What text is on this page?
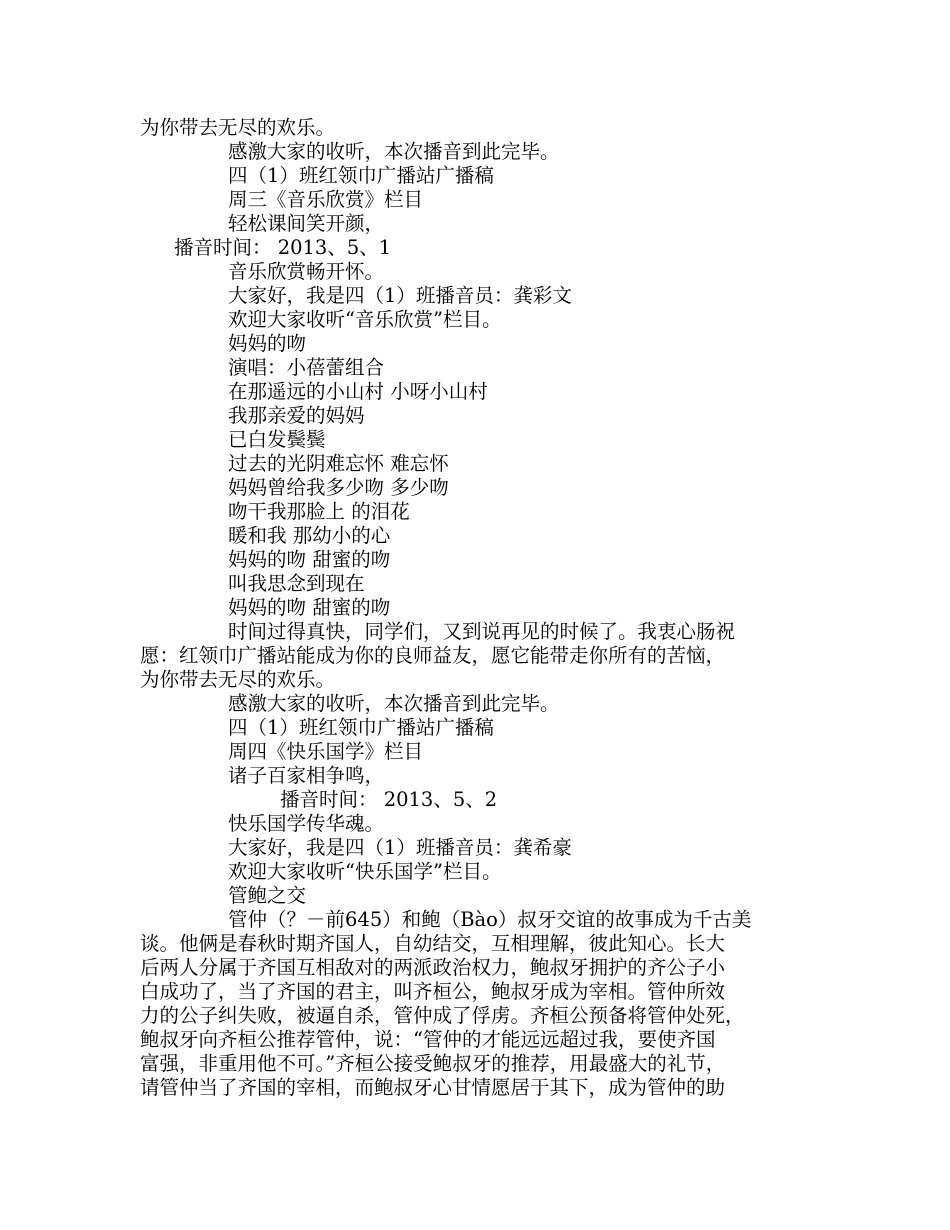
为你带去无尽的欢乐。

感激大家的收听，本次播音到此完毕。

四（1）班红领巾广播站广播稿

周三《音乐欣赏》栏目

轻松课间笑开颜，

播音时间： 2013、5、1

音乐欣赏畅开怀。

大家好，我是四（1）班播音员：龚彩文

欢迎大家收听“音乐欣赏”栏目。

妈妈的吻

演唱：小蓓蕾组合

在那遥远的小山村 小呀小山村

我那亲爱的妈妈

已白发鬓鬓

过去的光阴难忘怀 难忘怀

妈妈曾给我多少吻 多少吻

吻干我那脸上 的泪花

暖和我 那幼小的心

妈妈的吻 甜蜜的吻

叫我思念到现在

妈妈的吻 甜蜜的吻

时间过得真快，同学们，又到说再见的时候了。我衷心肠祝

愿：红领巾广播站能成为你的良师益友，愿它能带走你所有的苦恼，

为你带去无尽的欢乐。

感激大家的收听，本次播音到此完毕。

四（1）班红领巾广播站广播稿

周四《快乐国学》栏目

诸子百家相争鸣，

播音时间： 2013、5、2

快乐国学传华魂。

大家好，我是四（1）班播音员：龚希豪

欢迎大家收听“快乐国学”栏目。

管鲍之交

管仲（？－前645）和鲍（Bào）叔牙交谊的故事成为千古美

谈。他俩是春秋时期齐国人，自幼结交，互相理解，彼此知心。长大

后两人分属于齐国互相敌对的两派政治权力，鲍叔牙拥护的齐公子小

白成功了，当了齐国的君主，叫齐桓公，鲍叔牙成为宰相。管仲所效

力的公子纠失败，被逼自杀，管仲成了俘虏。齐桓公预备将管仲处死，

鲍叔牙向齐桓公推荐管仲，说：“管仲的才能远远超过我，要使齐国

富强，非重用他不可。”齐桓公接受鲍叔牙的推荐，用最盛大的礼节，

请管仲当了齐国的宰相，而鲍叔牙心甘情愿居于其下，成为管仲的助
